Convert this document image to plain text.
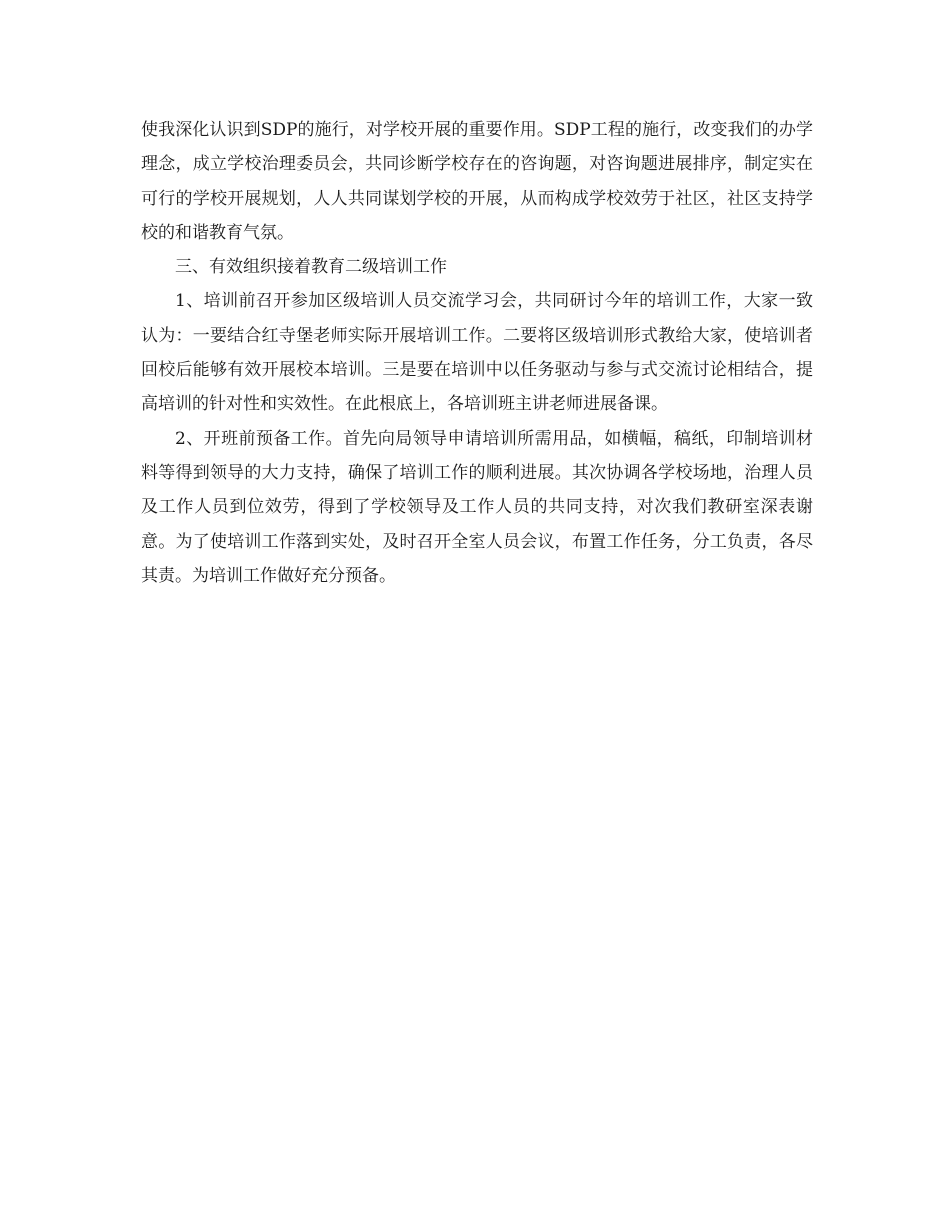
使我深化认识到SDP的施行，对学校开展的重要作用。SDP工程的施行，改变我们的办学理念，成立学校治理委员会，共同诊断学校存在的咨询题，对咨询题进展排序，制定实在可行的学校开展规划，人人共同谋划学校的开展，从而构成学校效劳于社区，社区支持学校的和谐教育气氛。

三、有效组织接着教育二级培训工作

1、培训前召开参加区级培训人员交流学习会，共同研讨今年的培训工作，大家一致认为：一要结合红寺堡老师实际开展培训工作。二要将区级培训形式教给大家，使培训者回校后能够有效开展校本培训。三是要在培训中以任务驱动与参与式交流讨论相结合，提高培训的针对性和实效性。在此根底上，各培训班主讲老师进展备课。

2、开班前预备工作。首先向局领导申请培训所需用品，如横幅，稿纸，印制培训材料等得到领导的大力支持，确保了培训工作的顺利进展。其次协调各学校场地，治理人员及工作人员到位效劳，得到了学校领导及工作人员的共同支持，对次我们教研室深表谢意。为了使培训工作落到实处，及时召开全室人员会议，布置工作任务，分工负责，各尽其责。为培训工作做好充分预备。
